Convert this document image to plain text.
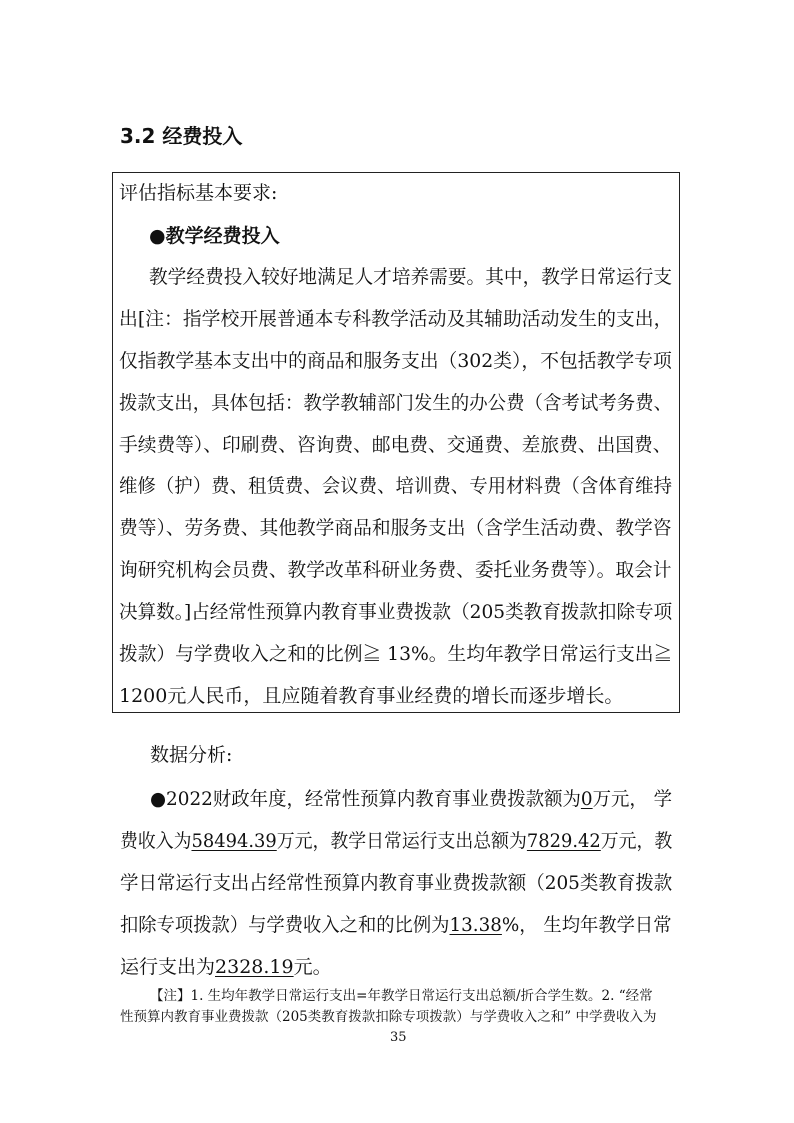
3.2 经费投入
评估指标基本要求:
●教学经费投入
教学经费投入较好地满足人才培养需要。其中，教学日常运行支
出[注：指学校开展普通本专科教学活动及其辅助活动发生的支出，
仅指教学基本支出中的商品和服务支出（302类），不包括教学专项
拨款支出，具体包括：教学教辅部门发生的办公费（含考试考务费、
手续费等）、印刷费、咨询费、邮电费、交通费、差旅费、出国费、
维修（护）费、租赁费、会议费、培训费、专用材料费（含体育维持
费等）、劳务费、其他教学商品和服务支出（含学生活动费、教学咨
询研究机构会员费、教学改革科研业务费、委托业务费等）。取会计
决算数。]占经常性预算内教育事业费拨款（205类教育拨款扣除专项
拨款）与学费收入之和的比例≧ 13%。生均年教学日常运行支出≧
1200元人民币，且应随着教育事业经费的增长而逐步增长。
数据分析:
●2022财政年度，经常性预算内教育事业费拨款额为0万元， 学
费收入为58494.39万元，教学日常运行支出总额为7829.42万元，教
学日常运行支出占经常性预算内教育事业费拨款额（205类教育拨款
扣除专项拨款）与学费收入之和的比例为13.38%， 生均年教学日常
运行支出为2328.19元。
【注】1. 生均年教学日常运行支出=年教学日常运行支出总额/折合学生数。2. “经常
性预算内教育事业费拨款（205类教育拨款扣除专项拨款）与学费收入之和” 中学费收入为
35
